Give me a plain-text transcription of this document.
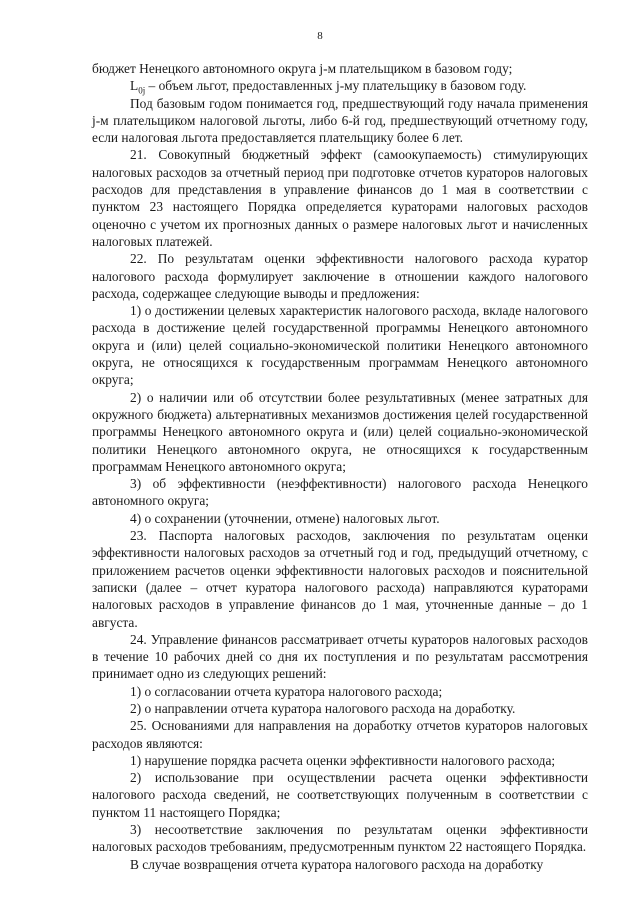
8

бюджет Ненецкого автономного округа j-м плательщиком в базовом году;

$L_{0j}$ – объем льгот, предоставленных j-му плательщику в базовом году.

Под базовым годом понимается год, предшествующий году начала применения j-м плательщиком налоговой льготы, либо 6-й год, предшествующий отчетному году, если налоговая льгота предоставляется плательщику более 6 лет.

21. Совокупный бюджетный эффект (самоокупаемость) стимулирующих налоговых расходов за отчетный период при подготовке отчетов кураторов налоговых расходов для представления в управление финансов до 1 мая в соответствии с пунктом 23 настоящего Порядка определяется кураторами налоговых расходов оценочно с учетом их прогнозных данных о размере налоговых льгот и начисленных налоговых платежей.

22. По результатам оценки эффективности налогового расхода куратор налогового расхода формулирует заключение в отношении каждого налогового расхода, содержащее следующие выводы и предложения:

1) о достижении целевых характеристик налогового расхода, вкладе налогового расхода в достижение целей государственной программы Ненецкого автономного округа и (или) целей социально-экономической политики Ненецкого автономного округа, не относящихся к государственным программам Ненецкого автономного округа;

2) о наличии или об отсутствии более результативных (менее затратных для окружного бюджета) альтернативных механизмов достижения целей государственной программы Ненецкого автономного округа и (или) целей социально-экономической политики Ненецкого автономного округа, не относящихся к государственным программам Ненецкого автономного округа;

3) об эффективности (неэффективности) налогового расхода Ненецкого автономного округа;

4) о сохранении (уточнении, отмене) налоговых льгот.

23. Паспорта налоговых расходов, заключения по результатам оценки эффективности налоговых расходов за отчетный год и год, предыдущий отчетному, с приложением расчетов оценки эффективности налоговых расходов и пояснительной записки (далее – отчет куратора налогового расхода) направляются кураторами налоговых расходов в управление финансов до 1 мая, уточненные данные – до 1 августа.

24. Управление финансов рассматривает отчеты кураторов налоговых расходов в течение 10 рабочих дней со дня их поступления и по результатам рассмотрения принимает одно из следующих решений:

1) о согласовании отчета куратора налогового расхода;

2) о направлении отчета куратора налогового расхода на доработку.

25. Основаниями для направления на доработку отчетов кураторов налоговых расходов являются:

1) нарушение порядка расчета оценки эффективности налогового расхода;

2) использование при осуществлении расчета оценки эффективности налогового расхода сведений, не соответствующих полученным в соответствии с пунктом 11 настоящего Порядка;

3) несоответствие заключения по результатам оценки эффективности налоговых расходов требованиям, предусмотренным пунктом 22 настоящего Порядка.

В случае возвращения отчета куратора налогового расхода на доработку
